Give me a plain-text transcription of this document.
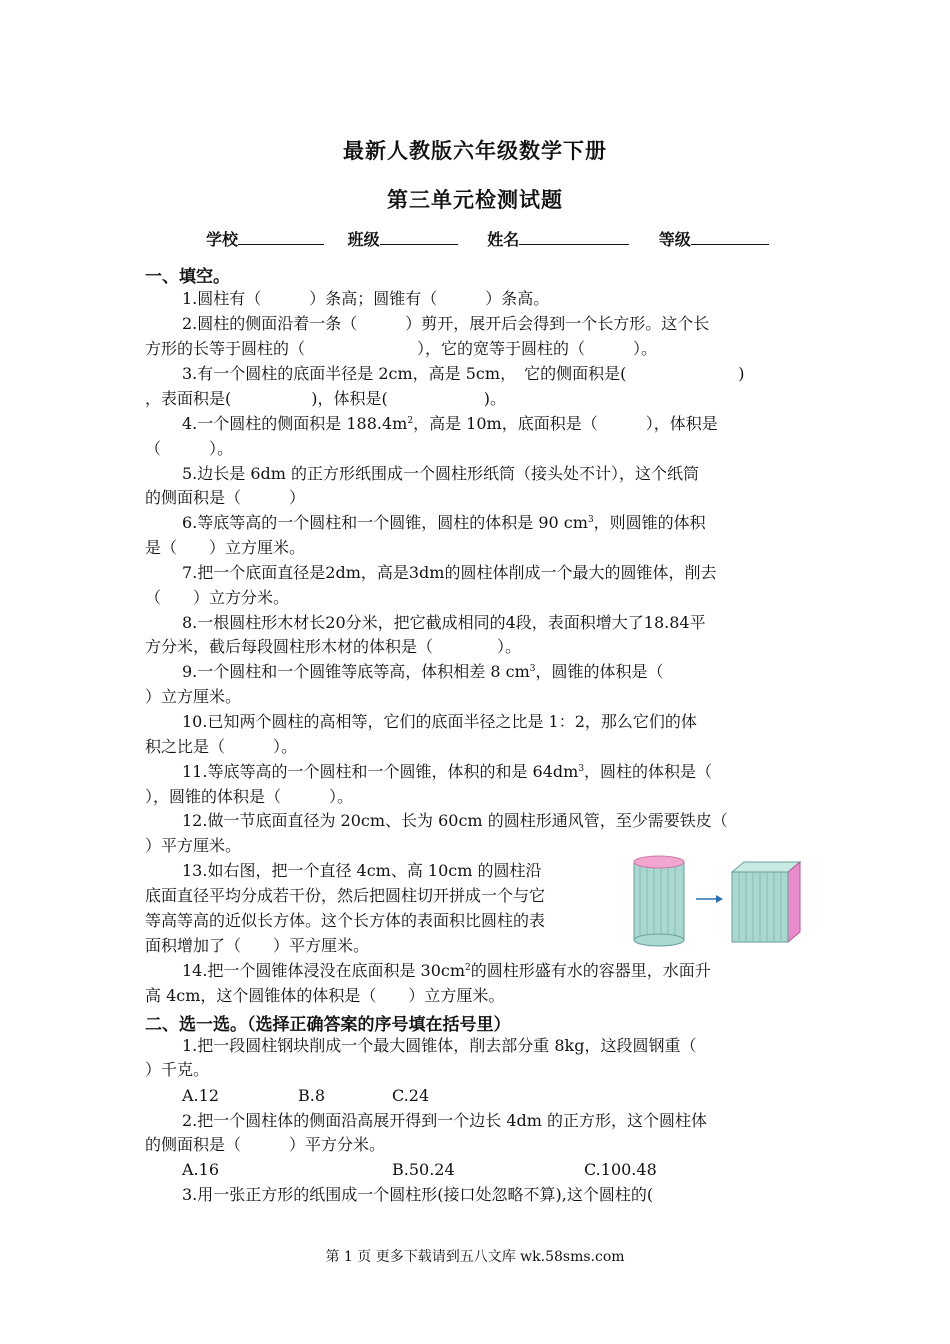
最新人教版六年级数学下册
第三单元检测试题
学校	班级	姓名	等级
一、填空。
1.圆柱有（　　　）条高；圆锥有（　　　）条高。
2.圆柱的侧面沿着一条（　　　）剪开，展开后会得到一个长方形。这个长
方形的长等于圆柱的（　　　　　　　），它的宽等于圆柱的（　　　）。
3.有一个圆柱的底面半径是 2cm，高是 5cm，　它的侧面积是(　　　　　　　)
，表面积是(　　　　　)，体积是(　　　　　　)。
4.一个圆柱的侧面积是 $188.4m^2$，高是 10m，底面积是（　　　），体积是
（　　　）。
5.边长是 6dm 的正方形纸围成一个圆柱形纸筒（接头处不计），这个纸筒
的侧面积是（　　　）
6.等底等高的一个圆柱和一个圆锥，圆柱的体积是 90 $cm^3$，则圆锥的体积
是（　　）立方厘米。
7.把一个底面直径是2dm，高是3dm的圆柱体削成一个最大的圆锥体，削去
（　　）立方分米。
8.一根圆柱形木材长20分米，把它截成相同的4段，表面积增大了18.84平
方分米，截后每段圆柱形木材的体积是（　　　　）。
9.一个圆柱和一个圆锥等底等高，体积相差 8 $cm^3$，圆锥的体积是（
）立方厘米。
10.已知两个圆柱的高相等，它们的底面半径之比是 1：2，那么它们的体
积之比是（　　　）。
11.等底等高的一个圆柱和一个圆锥，体积的和是 $64dm^3$，圆柱的体积是（
），圆锥的体积是（　　　）。
12.做一节底面直径为 20cm、长为 60cm 的圆柱形通风管，至少需要铁皮（
）平方厘米。
13.如右图，把一个直径 4cm、高 10cm 的圆柱沿
底面直径平均分成若干份，然后把圆柱切开拼成一个与它
等高等高的近似长方体。这个长方体的表面积比圆柱的表
面积增加了（　　）平方厘米。
14.把一个圆锥体浸没在底面积是 $30cm^2$的圆柱形盛有水的容器里，水面升
高 4cm，这个圆锥体的体积是（　　）立方厘米。
二、选一选。（选择正确答案的序号填在括号里）
1.把一段圆柱钢块削成一个最大圆锥体，削去部分重 8kg，这段圆钢重（
）千克。
A.12	B.8	C.24
2.把一个圆柱体的侧面沿高展开得到一个边长 4dm 的正方形，这个圆柱体
的侧面积是（　　　）平方分米。
A.16	B.50.24	C.100.48
3.用一张正方形的纸围成一个圆柱形(接口处忽略不算),这个圆柱的(
第 1 页 更多下载请到五八文库 wk.58sms.com
